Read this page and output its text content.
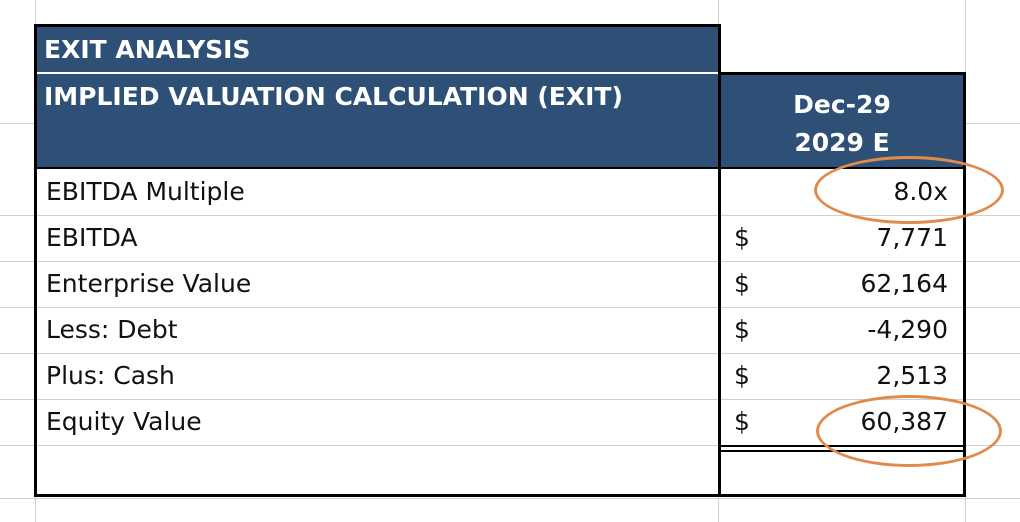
EXIT ANALYSIS
IMPLIED VALUATION CALCULATION (EXIT)	Dec-29
2029 E
EBITDA Multiple	8.0x
EBITDA	$	7,771
Enterprise Value	$	62,164
Less: Debt	$	-4,290
Plus: Cash	$	2,513
Equity Value	$	60,387
